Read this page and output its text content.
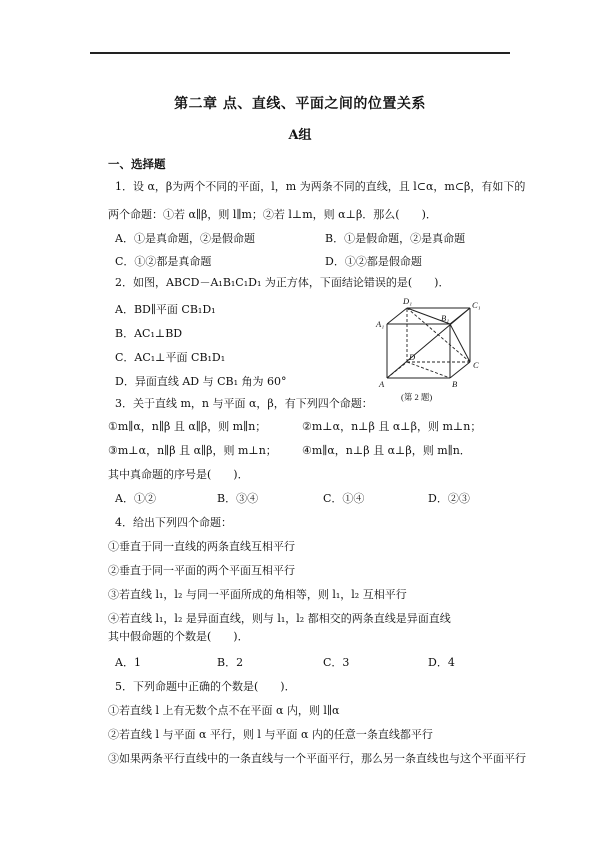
第二章 点、直线、平面之间的位置关系
A组
一、选择题
1．设 α，β为两个不同的平面，l，m 为两条不同的直线，且 l⊂α，m⊂β，有如下的
两个命题：①若 α∥β，则 l∥m；②若 l⊥m，则 α⊥β．那么(　　)．
A．①是真命题，②是假命题	B．①是假命题，②是真命题
C．①②都是真命题	D．①②都是假命题
2．如图，ABCD－A₁B₁C₁D₁ 为正方体，下面结论错误的是(　　)．
A．BD∥平面 CB₁D₁
B．AC₁⊥BD
C．AC₁⊥平面 CB₁D₁
D．异面直线 AD 与 CB₁ 角为 60°	A	B
C
D
A₁
B₁
C₁
D₁
(第 2 题)
3．关于直线 m，n 与平面 α，β，有下列四个命题：
①m∥α，n∥β 且 α∥β，则 m∥n；	②m⊥α，n⊥β 且 α⊥β，则 m⊥n；
③m⊥α，n∥β 且 α∥β，则 m⊥n； ④m∥α，n⊥β 且 α⊥β，则 m∥n．
其中真命题的序号是(　　)．
A．①②	B．③④	C．①④	D．②③
4．给出下列四个命题：
①垂直于同一直线的两条直线互相平行
②垂直于同一平面的两个平面互相平行
③若直线 l₁，l₂ 与同一平面所成的角相等，则 l₁，l₂ 互相平行
④若直线 l₁，l₂ 是异面直线，则与 l₁，l₂ 都相交的两条直线是异面直线
其中假命题的个数是(　　)．
A．1	B．2	C．3	D．4
5．下列命题中正确的个数是(　　)．
①若直线 l 上有无数个点不在平面 α 内，则 l∥α
②若直线 l 与平面 α 平行，则 l 与平面 α 内的任意一条直线都平行
③如果两条平行直线中的一条直线与一个平面平行，那么另一条直线也与这个平面平行
